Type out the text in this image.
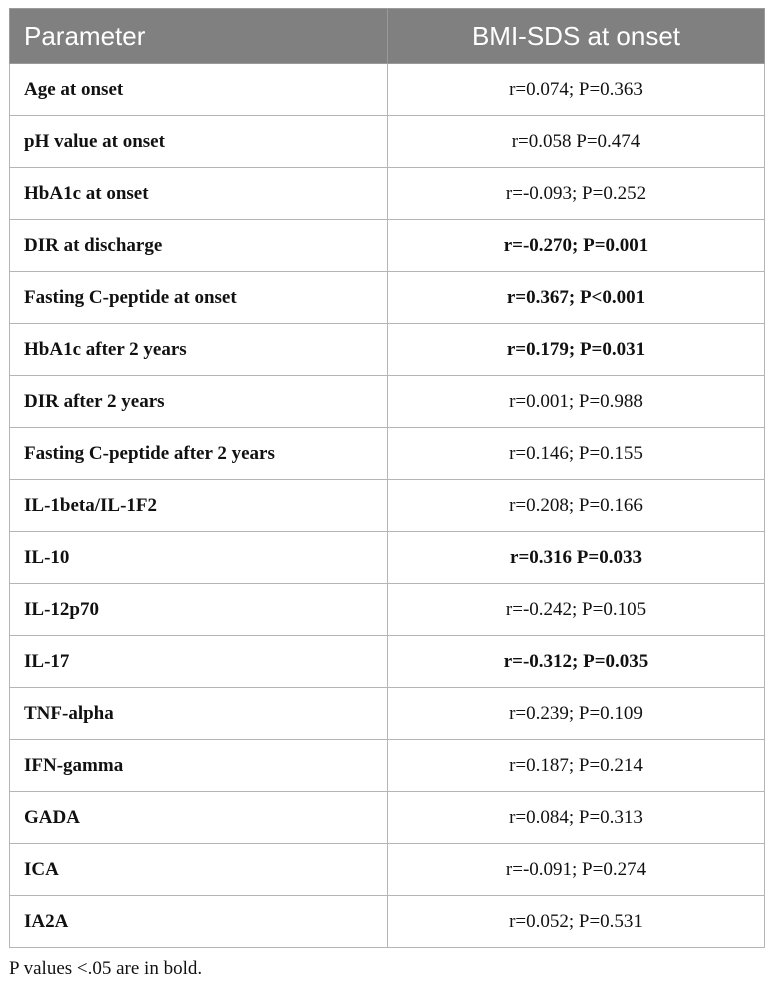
Parameter	BMI-SDS at onset
Age at onset	r=0.074; P=0.363
pH value at onset	r=0.058 P=0.474
HbA1c at onset	r=-0.093; P=0.252
DIR at discharge	r=-0.270; P=0.001
Fasting C-peptide at onset	r=0.367; P<0.001
HbA1c after 2 years	r=0.179; P=0.031
DIR after 2 years	r=0.001; P=0.988
Fasting C-peptide after 2 years	r=0.146; P=0.155
IL-1beta/IL-1F2	r=0.208; P=0.166
IL-10	r=0.316 P=0.033
IL-12p70	r=-0.242; P=0.105
IL-17	r=-0.312; P=0.035
TNF-alpha	r=0.239; P=0.109
IFN-gamma	r=0.187; P=0.214
GADA	r=0.084; P=0.313
ICA	r=-0.091; P=0.274
IA2A	r=0.052; P=0.531
P values <.05 are in bold.
